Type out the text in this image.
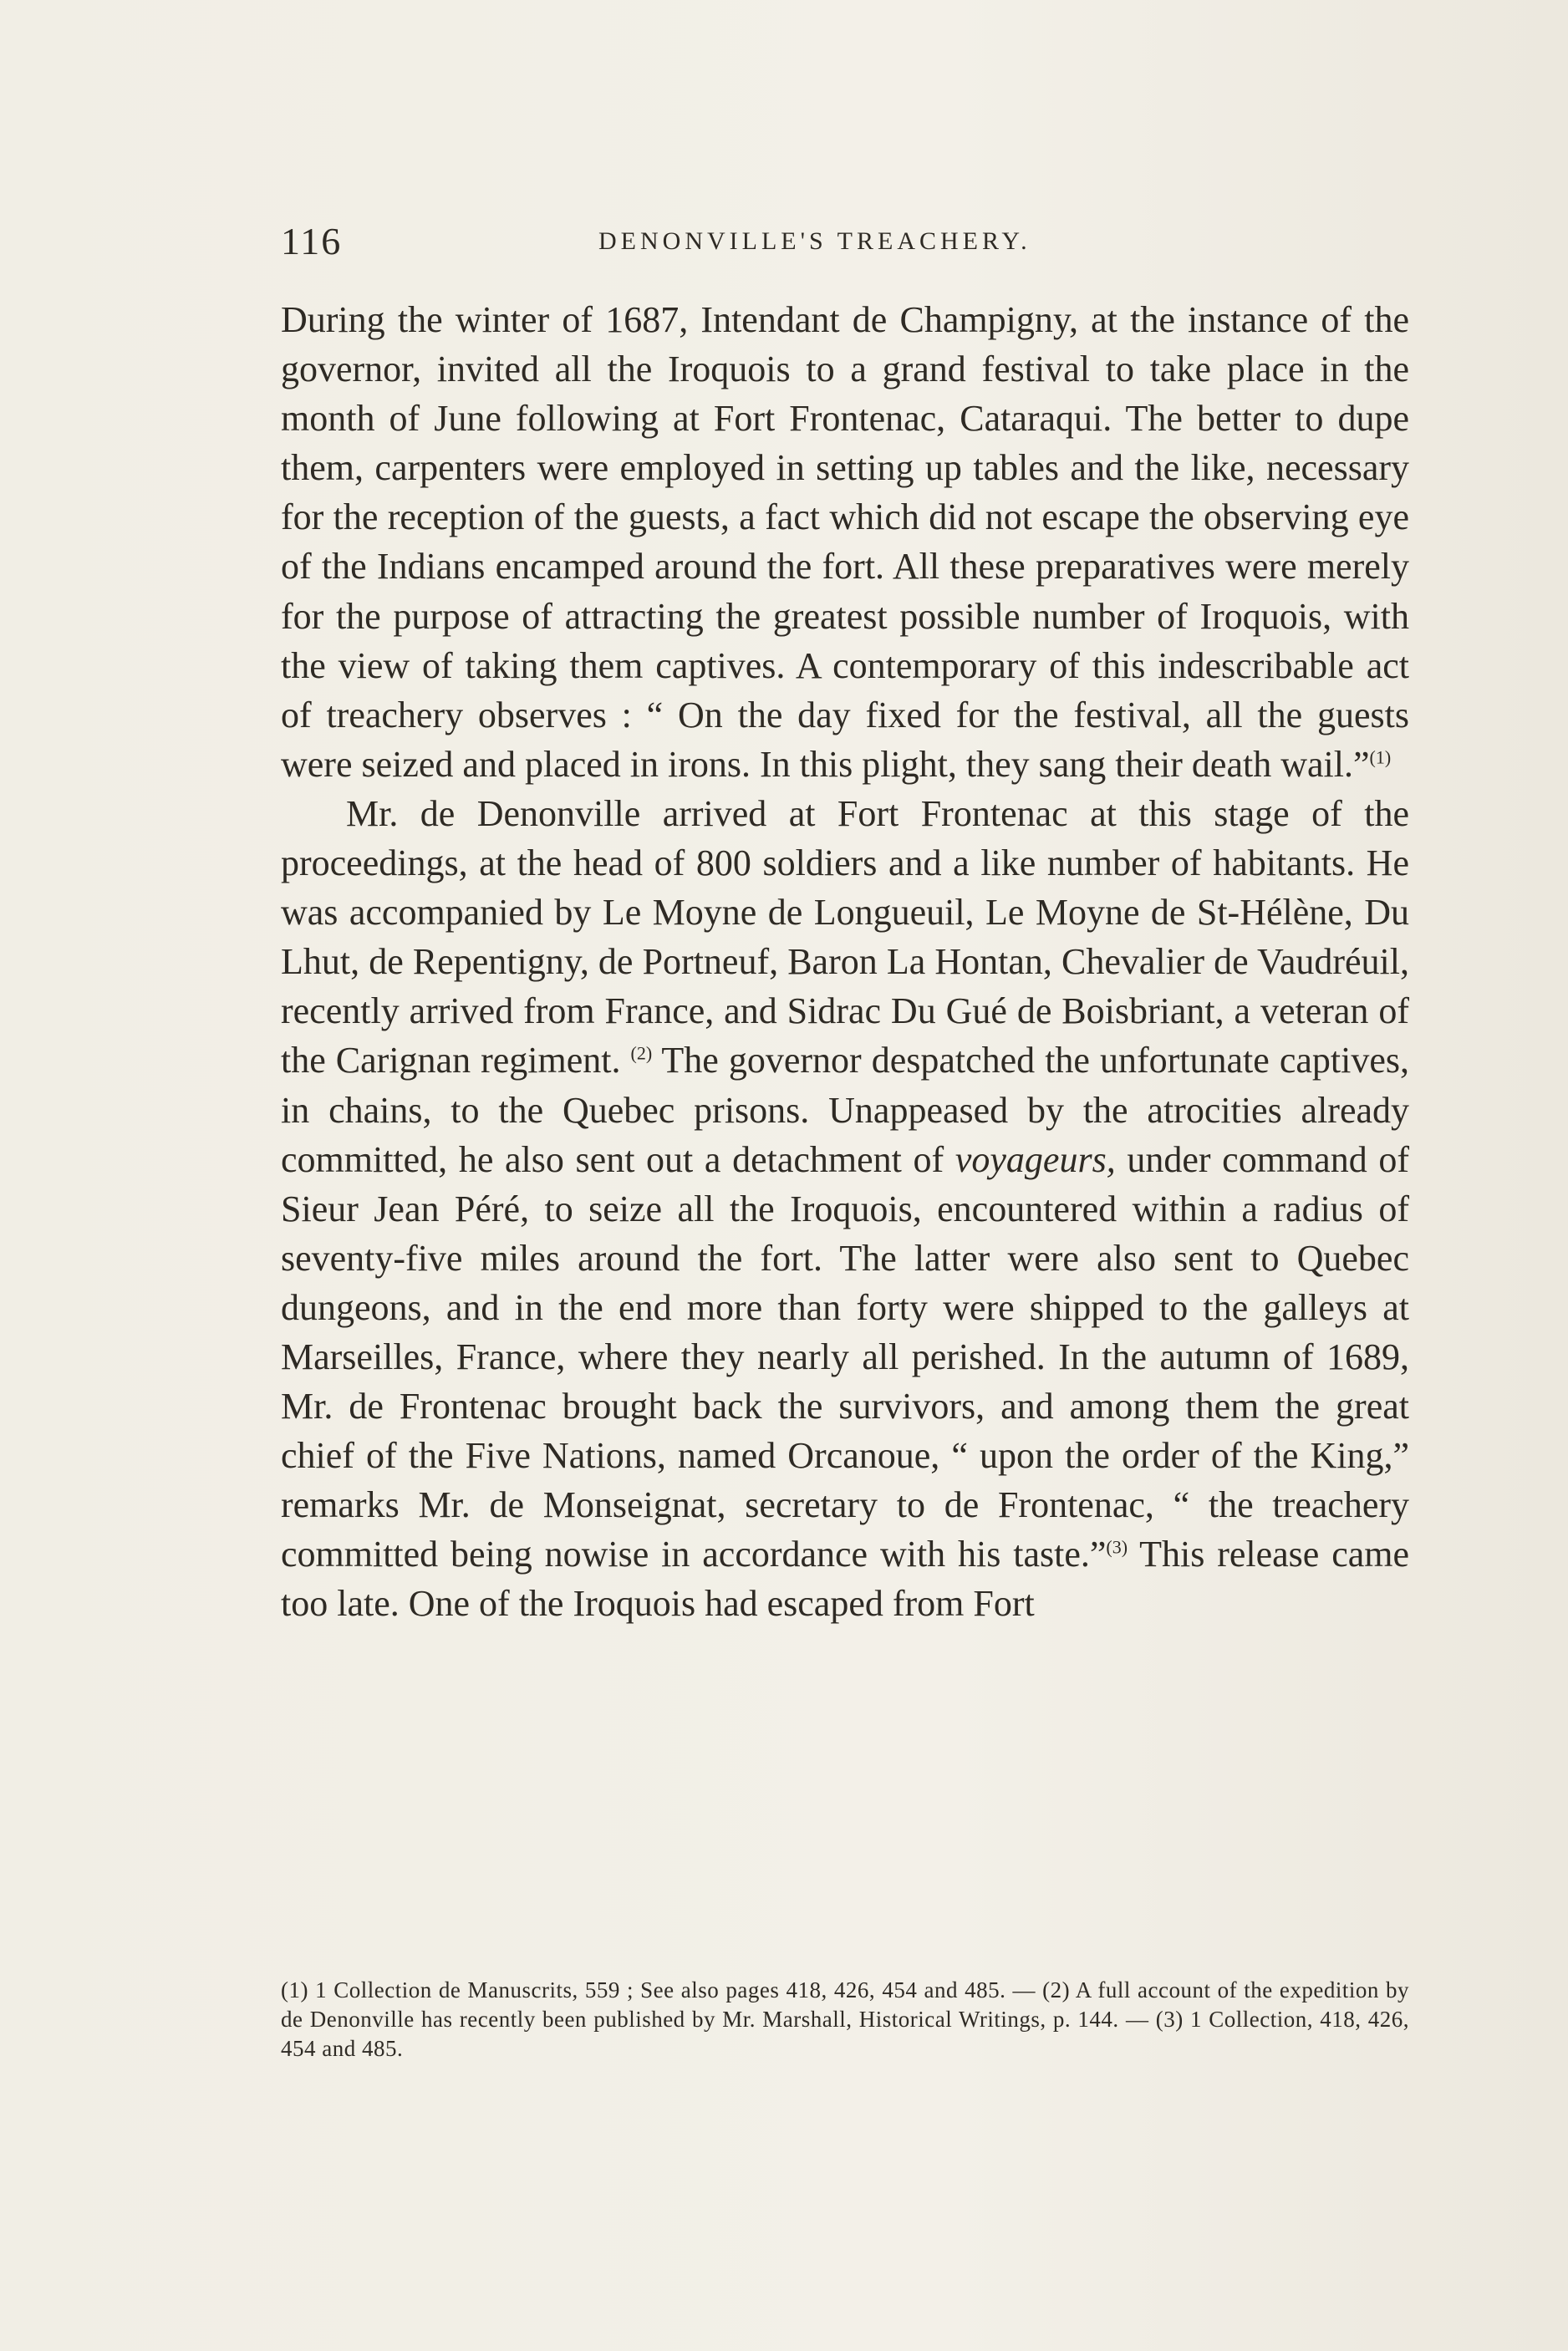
116	DENONVILLE'S TREACHERY.

During the winter of 1687, Intendant de Champigny, at the instance of the governor, invited all the Iroquois to a grand festival to take place in the month of June following at Fort Frontenac, Cataraqui. The better to dupe them, carpenters were employed in setting up tables and the like, necessary for the reception of the guests, a fact which did not escape the observing eye of the Indians encamped around the fort. All these preparatives were merely for the purpose of attracting the greatest possible number of Iroquois, with the view of taking them captives. A contemporary of this indescribable act of treachery observes : “ On the day fixed for the festival, all the guests were seized and placed in irons. In this plight, they sang their death wail.”$^{(1)}$

Mr. de Denonville arrived at Fort Frontenac at this stage of the proceedings, at the head of 800 soldiers and a like number of habitants. He was accompanied by Le Moyne de Longueuil, Le Moyne de St-Hélène, Du Lhut, de Repentigny, de Portneuf, Baron La Hontan, Chevalier de Vaudréuil, recently arrived from France, and Sidrac Du Gué de Boisbriant, a veteran of the Carignan regiment. $^{(2)}$ The governor despatched the unfortunate captives, in chains, to the Quebec prisons. Unappeased by the atrocities already committed, he also sent out a detachment of voyageurs, under command of Sieur Jean Péré, to seize all the Iroquois, encountered within a radius of seventy-five miles around the fort. The latter were also sent to Quebec dungeons, and in the end more than forty were shipped to the galleys at Marseilles, France, where they nearly all perished. In the autumn of 1689, Mr. de Frontenac brought back the survivors, and among them the great chief of the Five Nations, named Orcanoue, “ upon the order of the King,” remarks Mr. de Monseignat, secretary to de Frontenac, “ the treachery committed being nowise in accordance with his taste.”$^{(3)}$ This release came too late. One of the Iroquois had escaped from Fort

(1) 1 Collection de Manuscrits, 559 ; See also pages 418, 426, 454 and 485. — (2) A full account of the expedition by de Denonville has recently been published by Mr. Marshall, Historical Writings, p. 144. — (3) 1 Collection, 418, 426, 454 and 485.
